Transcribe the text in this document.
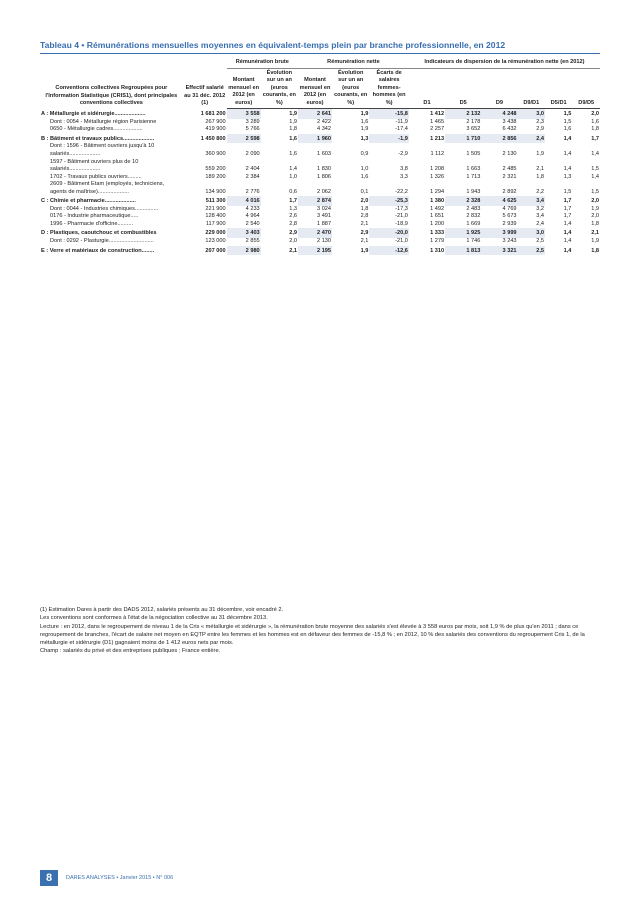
Tableau 4 • Rémunérations mensuelles moyennes en équivalent-temps plein par branche professionnelle, en 2012
Conventions collectives Regroupées pour l'Information Statistique (CRIS1), dont principales conventions collectives	Effectif salarié au 31 déc. 2012 (1)	Rémunération brute		Rémunération nette			Indicateurs de dispersion de la rémunération nette (en 2012)					
		Montant mensuel en 2012 (en euros)	Évolution sur un an (euros courants, en %)	Montant mensuel en 2012 (en euros)	Évolution sur un an (euros courants, en %)	Écarts de salaires femmes-hommes (en %)	D1	D5	D9	D9/D1	D5/D1	D9/D5
A : Métallurgie et sidérurgie....................	1 681 200	3 558	1,9	2 641	1,9	-15,8	1 412	2 132	4 248	3,0	1,5	2,0
Dont : 0054 - Métallurgie région Parisienne	267 900	3 289	1,9	2 422	1,6	-11,9	1 465	2 178	3 438	2,3	1,5	1,6
0650 - Métallurgie cadres...................	419 900	5 766	1,8	4 342	1,9	-17,4	2 257	3 652	6 432	2,9	1,6	1,8
B : Bâtiment et travaux publics....................	1 450 800	2 598	1,6	1 960	1,3	-1,9	1 213	1 710	2 856	2,4	1,4	1,7
Dont : 1596 - Bâtiment ouvriers jusqu'à 10 salariés....................	360 900	2 090	1,6	1 603	0,9	-2,9	1 112	1 505	2 130	1,9	1,4	1,4
1597 - Bâtiment ouvriers plus de 10 salariés....................	559 200	2 404	1,4	1 830	1,0	3,8	1 208	1 663	2 485	2,1	1,4	1,5
1702 - Travaux publics ouvriers.........	189 200	2 384	1,0	1 806	1,6	3,3	1 326	1 713	2 321	1,8	1,3	1,4
2609 - Bâtiment Etam (employés, techniciens, agents de maîtrise)....................	134 900	2 776	0,6	2 062	0,1	-22,2	1 294	1 943	2 892	2,2	1,5	1,5
C : Chimie et pharmacie....................	511 300	4 016	1,7	2 874	2,0	-25,3	1 380	2 328	4 625	3,4	1,7	2,0
Dont : 0044 - Industries chimiques...............	221 900	4 233	1,3	3 024	1,8	-17,3	1 492	2 483	4 769	3,2	1,7	1,9
0176 - Industrie pharmaceutique.....	128 400	4 964	2,6	3 491	2,8	-21,0	1 651	2 832	5 673	3,4	1,7	2,0
1996 - Pharmacie d'officine..........	117 900	2 540	2,8	1 887	2,1	-18,9	1 200	1 669	2 939	2,4	1,4	1,8
D : Plastiques, caoutchouc et combustibles	229 000	3 403	2,9	2 470	2,9	-20,0	1 333	1 925	3 999	3,0	1,4	2,1
Dont : 0292 - Plasturgie.............................	123 000	2 855	2,0	2 130	2,1	-21,0	1 279	1 746	3 243	2,5	1,4	1,9
E : Verre et matériaux de construction........	207 000	2 980	2,1	2 195	1,9	-12,6	1 310	1 813	3 321	2,5	1,4	1,8

(1) Estimation Dares à partir des DADS 2012, salariés présents au 31 décembre, voir encadré 2.

Les conventions sont conformes à l'état de la négociation collective au 31 décembre 2013.

Lecture : en 2012, dans le regroupement de niveau 1 de la Cris « métallurgie et sidérurgie », la rémunération brute moyenne des salariés s'est élevée à 3 558 euros par mois, soit 1,9 % de plus qu'en 2011 ; dans ce regroupement de branches, l'écart de salaire net moyen en EQTP entre les femmes et les hommes est en défaveur des femmes de -15,8 % ; en 2012, 10 % des salariés des conventions du regroupement Cris 1, de la métallurgie et sidérurgie (D1) gagnaient moins de 1 412 euros nets par mois.

Champ : salariés du privé et des entreprises publiques ; France entière.

8	DARES ANALYSES • Janvier 2015 • N° 006
